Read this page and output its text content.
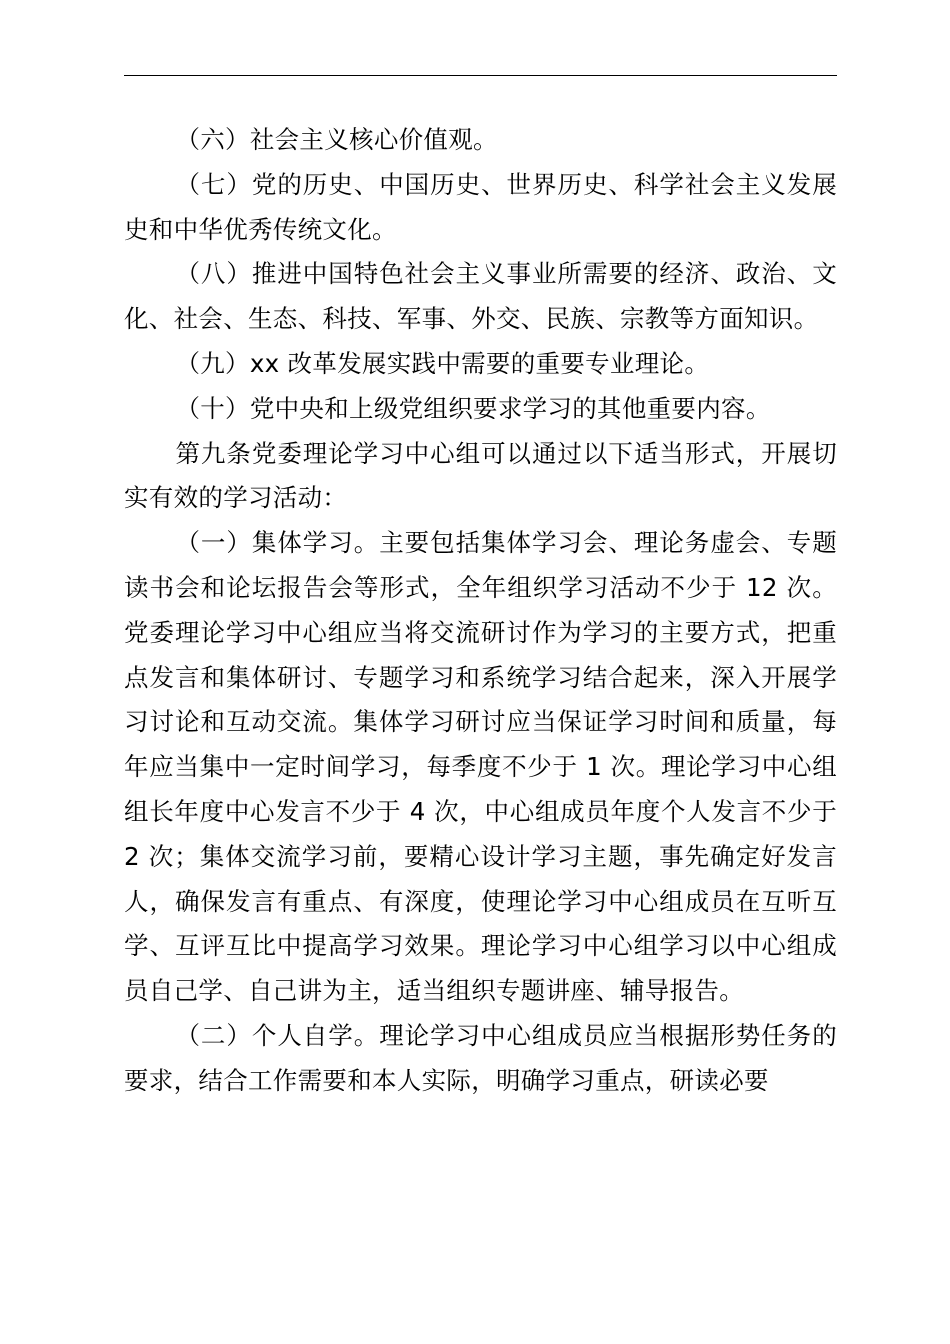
（六）社会主义核心价值观。

（七）党的历史、中国历史、世界历史、科学社会主义发展史和中华优秀传统文化。

（八）推进中国特色社会主义事业所需要的经济、政治、文化、社会、生态、科技、军事、外交、民族、宗教等方面知识。

（九）xx 改革发展实践中需要的重要专业理论。

（十）党中央和上级党组织要求学习的其他重要内容。

第九条党委理论学习中心组可以通过以下适当形式，开展切实有效的学习活动：

（一）集体学习。主要包括集体学习会、理论务虚会、专题读书会和论坛报告会等形式，全年组织学习活动不少于 12 次。党委理论学习中心组应当将交流研讨作为学习的主要方式，把重点发言和集体研讨、专题学习和系统学习结合起来，深入开展学习讨论和互动交流。集体学习研讨应当保证学习时间和质量，每年应当集中一定时间学习，每季度不少于 1 次。理论学习中心组组长年度中心发言不少于 4 次，中心组成员年度个人发言不少于 2 次；集体交流学习前，要精心设计学习主题，事先确定好发言人，确保发言有重点、有深度，使理论学习中心组成员在互听互学、互评互比中提高学习效果。理论学习中心组学习以中心组成员自己学、自己讲为主，适当组织专题讲座、辅导报告。

（二）个人自学。理论学习中心组成员应当根据形势任务的要求，结合工作需要和本人实际，明确学习重点，研读必要
